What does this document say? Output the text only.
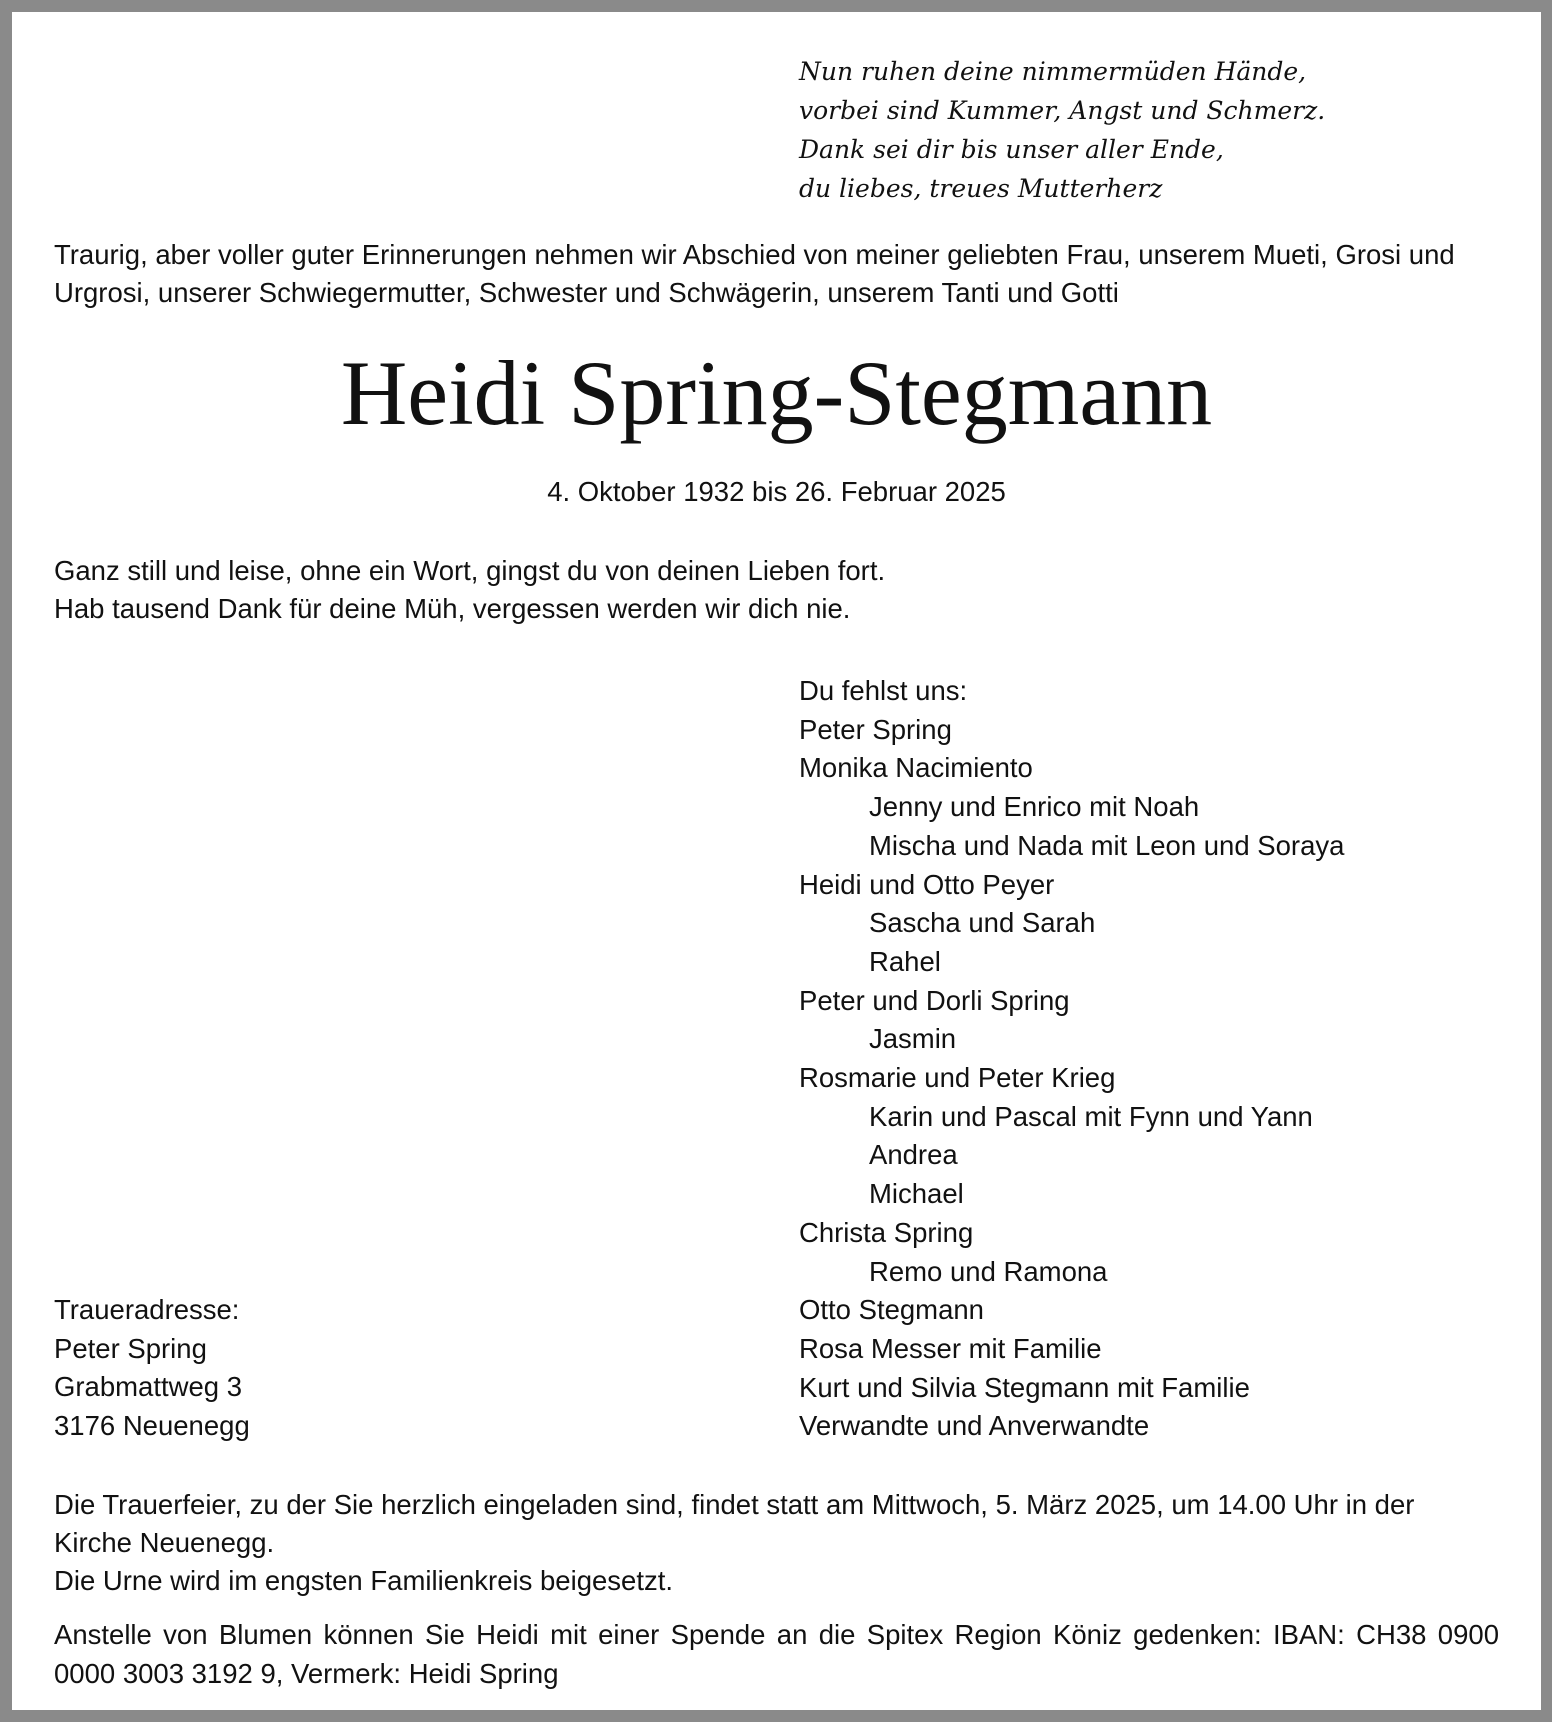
Nun ruhen deine nimmermüden Hände,
vorbei sind Kummer, Angst und Schmerz.
Dank sei dir bis unser aller Ende,
du liebes, treues Mutterherz
Traurig, aber voller guter Erinnerungen nehmen wir Abschied von meiner geliebten Frau, unserem Mueti, Grosi und Urgrosi, unserer Schwiegermutter, Schwester und Schwägerin, unserem Tanti und Gotti
Heidi Spring-Stegmann
4. Oktober 1932 bis 26. Februar 2025
Ganz still und leise, ohne ein Wort, gingst du von deinen Lieben fort.
Hab tausend Dank für deine Müh, vergessen werden wir dich nie.
Du fehlst uns:
Peter Spring
Monika Nacimiento
Jenny und Enrico mit Noah
Mischa und Nada mit Leon und Soraya
Heidi und Otto Peyer
Sascha und Sarah
Rahel
Peter und Dorli Spring
Jasmin
Rosmarie und Peter Krieg
Karin und Pascal mit Fynn und Yann
Andrea
Michael
Christa Spring
Remo und Ramona
Otto Stegmann
Rosa Messer mit Familie
Kurt und Silvia Stegmann mit Familie
Verwandte und Anverwandte
Traueradresse:
Peter Spring
Grabmattweg 3
3176 Neuenegg
Die Trauerfeier, zu der Sie herzlich eingeladen sind, findet statt am Mittwoch, 5. März 2025, um 14.00 Uhr in der Kirche Neuenegg.
Die Urne wird im engsten Familienkreis beigesetzt.
Anstelle von Blumen können Sie Heidi mit einer Spende an die Spitex Region Köniz gedenken: IBAN: CH38 0900 0000 3003 3192 9, Vermerk: Heidi Spring
